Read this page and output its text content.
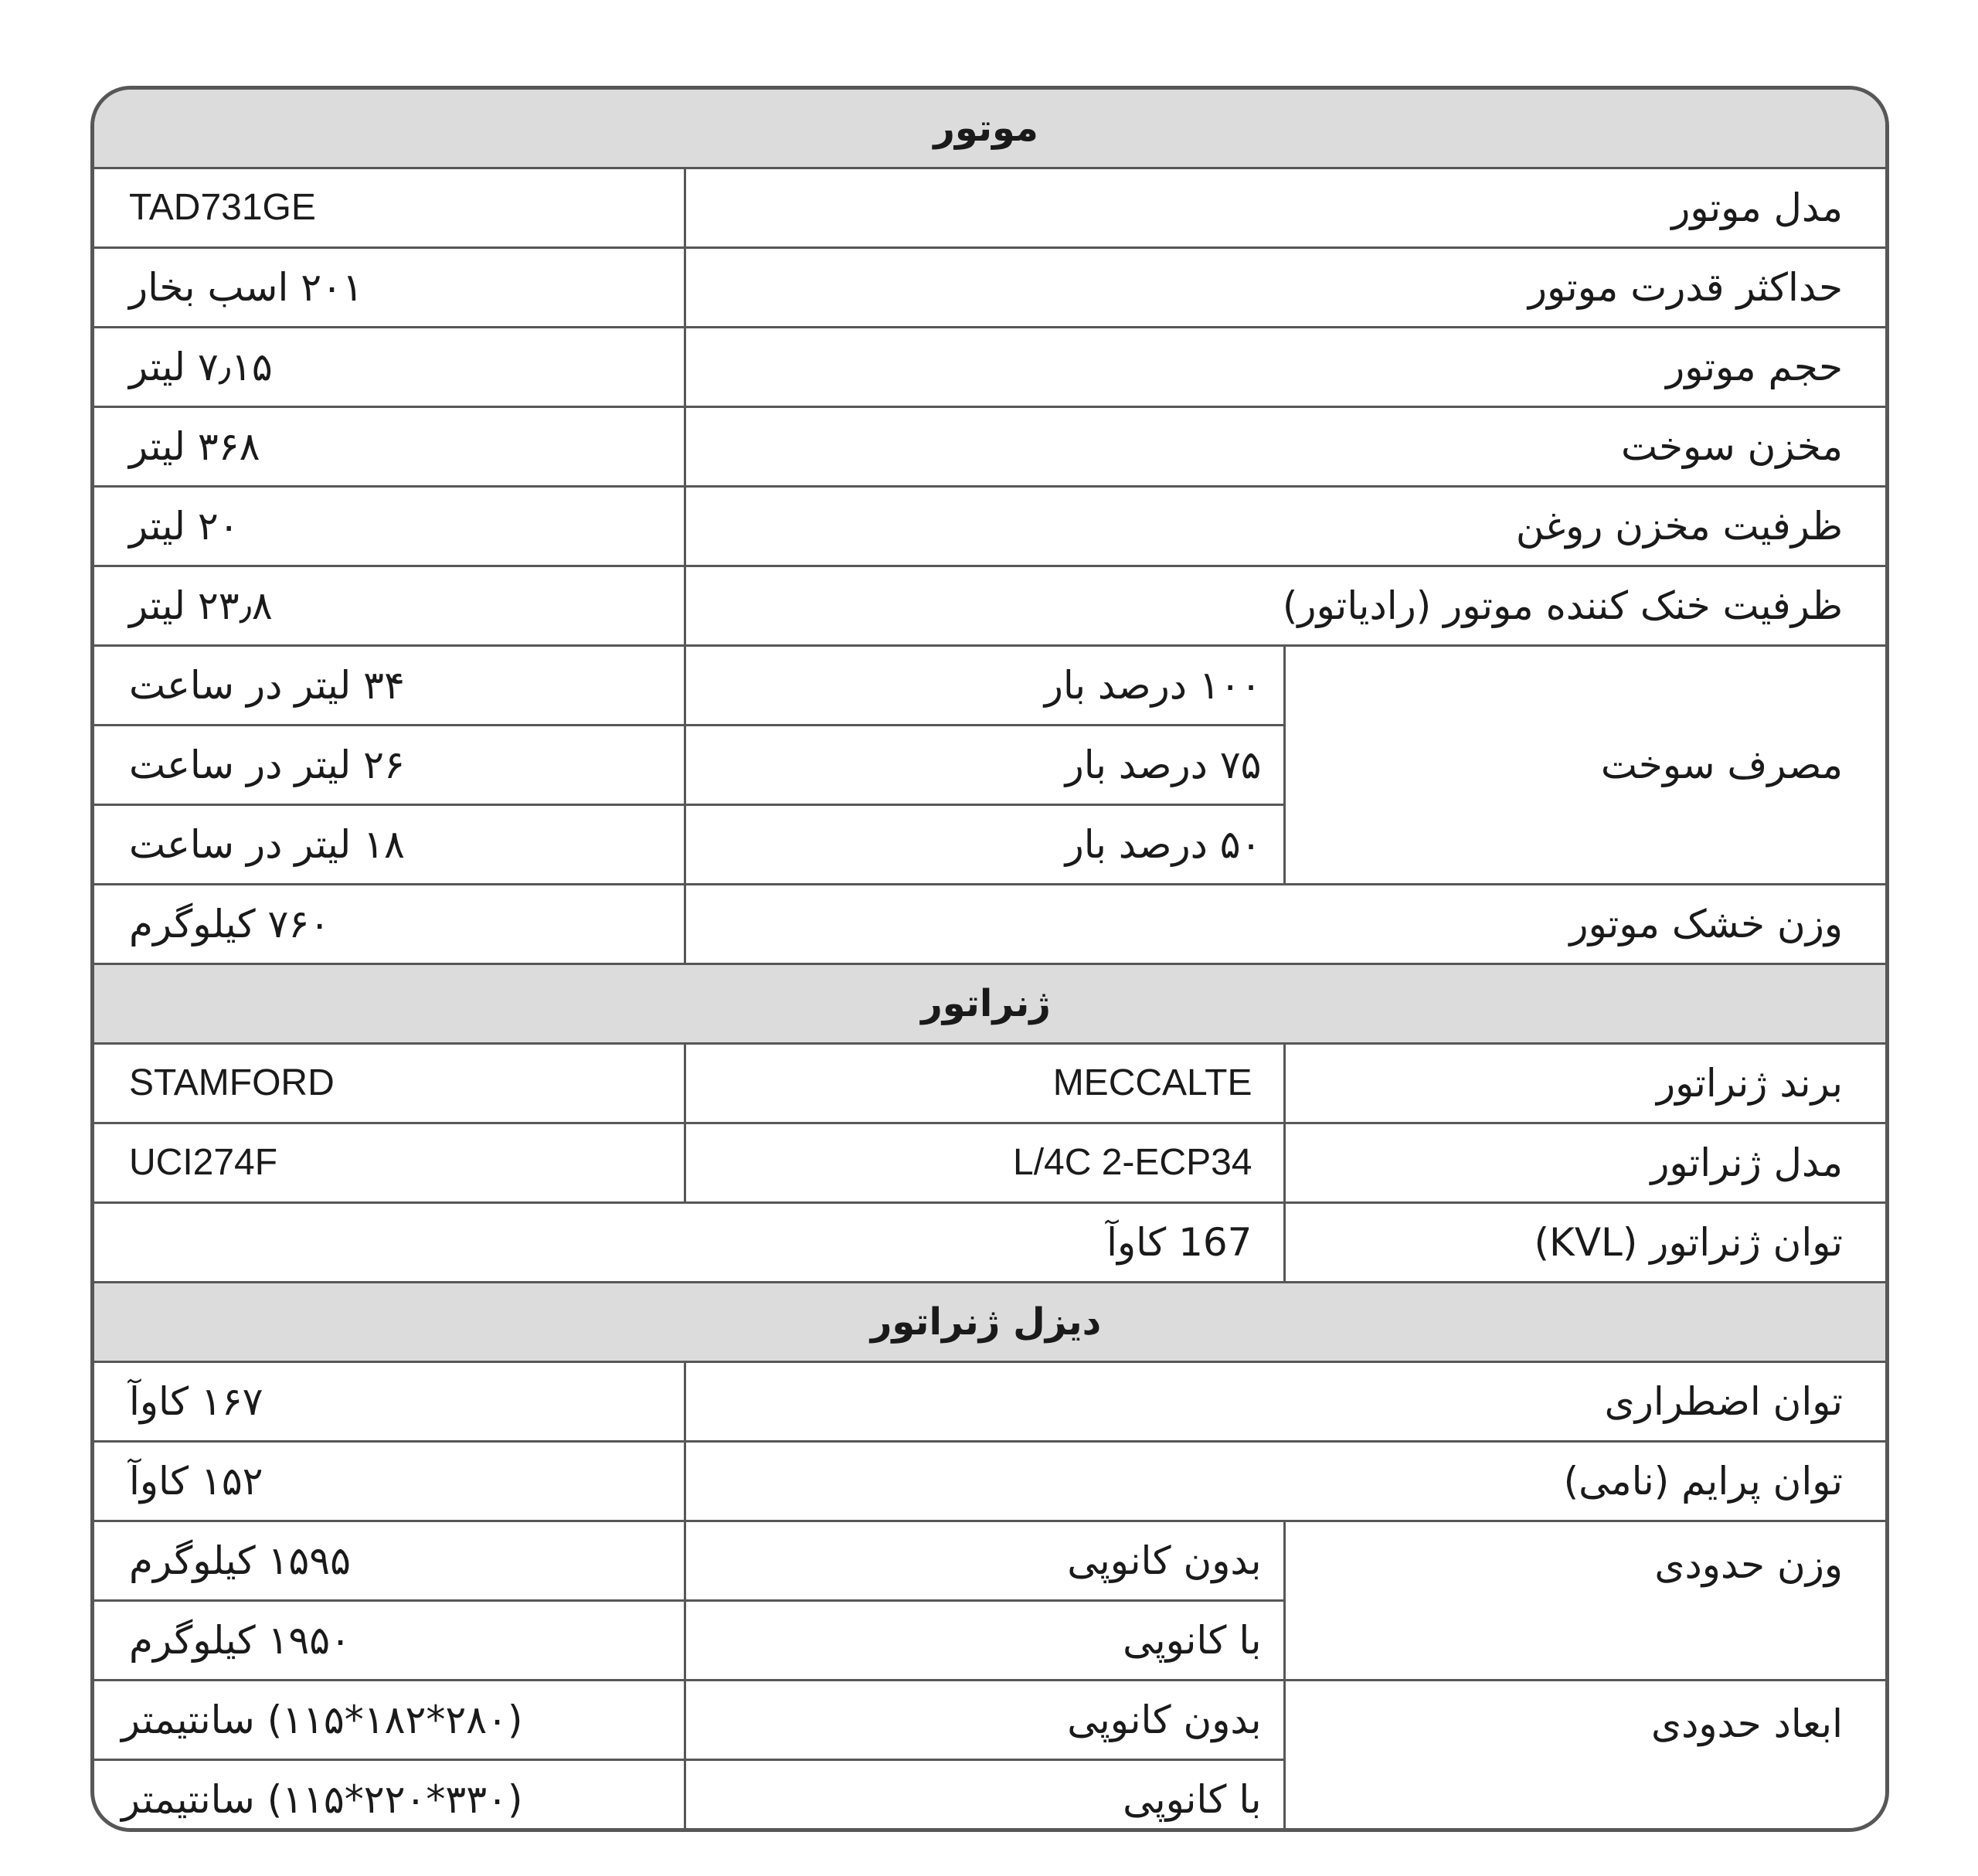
موتور		
مدل موتور		TAD731GE
حداکثر قدرت موتور		۲۰۱ اسب بخار
حجم موتور		۷٫۱۵ لیتر
مخزن سوخت		۳۶۸ لیتر
ظرفیت مخزن روغن		۲۰ لیتر
ظرفیت خنک کننده موتور (رادیاتور)		۲۳٫۸ لیتر
مصرف سوخت	۱۰۰ درصد بار	۳۴ لیتر در ساعت
	۷۵ درصد بار	۲۶ لیتر در ساعت
	۵۰ درصد بار	۱۸ لیتر در ساعت
وزن خشک موتور		۷۶۰ کیلوگرم
ژنراتور		
برند ژنراتور	MECCALTE	STAMFORD
مدل ژنراتور	L/4C 2-ECP34	UCI274F
توان ژنراتور (KVL)	167 کاوآ	
دیزل ژنراتور		
توان اضطراری		۱۶۷ کاوآ
توان پرایم (نامی)		۱۵۲ کاوآ
وزن حدودی	بدون کانوپی	۱۵۹۵ کیلوگرم
	با کانوپی	۱۹۵۰ کیلوگرم
ابعاد حدودی	بدون کانوپی	(۲۸۰*۱۸۲*۱۱۵) سانتیمتر
	با کانوپی	(۳۳۰*۲۲۰*۱۱۵) سانتیمتر
